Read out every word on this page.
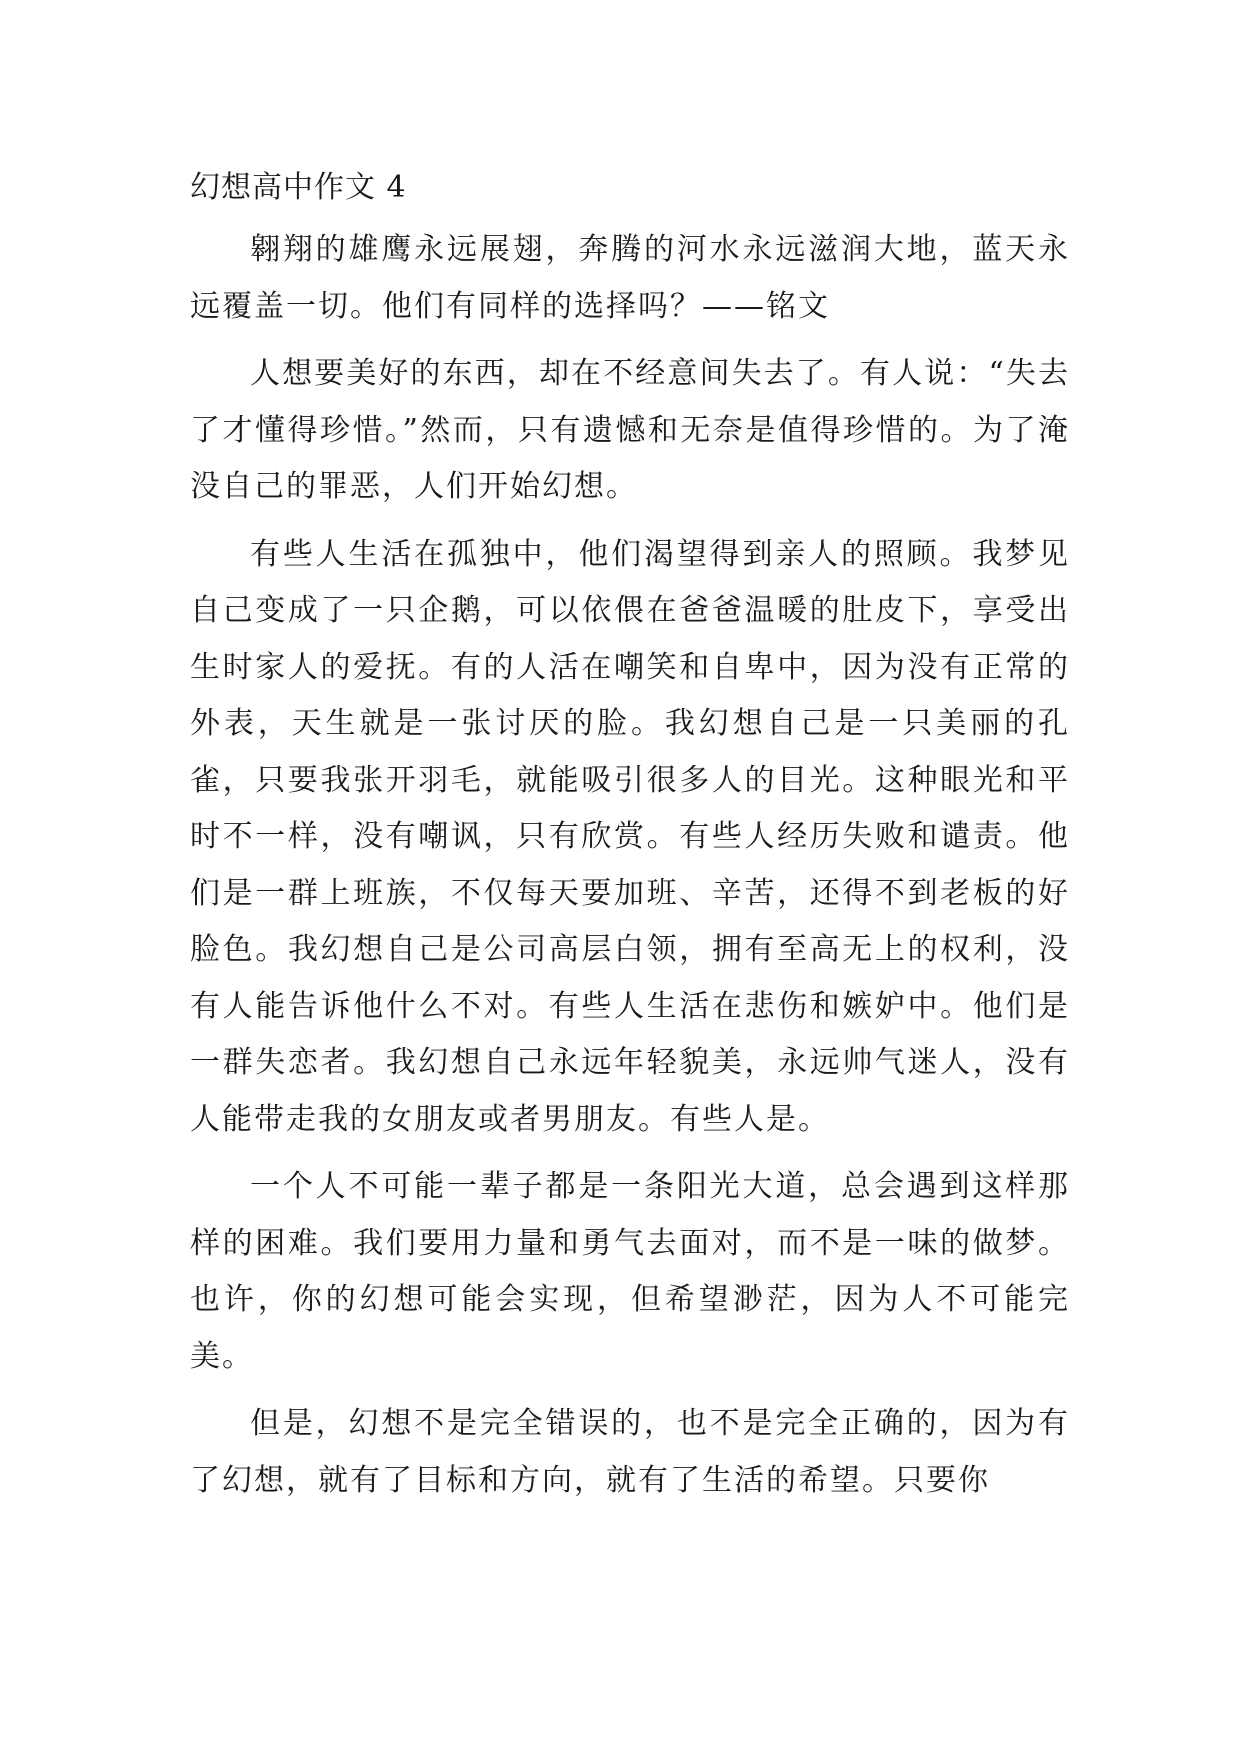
幻想高中作文 4

翱翔的雄鹰永远展翅，奔腾的河水永远滋润大地，蓝天永远覆盖一切。他们有同样的选择吗？——铭文

人想要美好的东西，却在不经意间失去了。有人说：“失去了才懂得珍惜。”然而，只有遗憾和无奈是值得珍惜的。为了淹没自己的罪恶，人们开始幻想。

有些人生活在孤独中，他们渴望得到亲人的照顾。我梦见自己变成了一只企鹅，可以依偎在爸爸温暖的肚皮下，享受出生时家人的爱抚。有的人活在嘲笑和自卑中，因为没有正常的外表，天生就是一张讨厌的脸。我幻想自己是一只美丽的孔雀，只要我张开羽毛，就能吸引很多人的目光。这种眼光和平时不一样，没有嘲讽，只有欣赏。有些人经历失败和谴责。他们是一群上班族，不仅每天要加班、辛苦，还得不到老板的好脸色。我幻想自己是公司高层白领，拥有至高无上的权利，没有人能告诉他什么不对。有些人生活在悲伤和嫉妒中。他们是一群失恋者。我幻想自己永远年轻貌美，永远帅气迷人，没有人能带走我的女朋友或者男朋友。有些人是。

一个人不可能一辈子都是一条阳光大道，总会遇到这样那样的困难。我们要用力量和勇气去面对，而不是一味的做梦。也许，你的幻想可能会实现，但希望渺茫，因为人不可能完美。

但是，幻想不是完全错误的，也不是完全正确的，因为有了幻想，就有了目标和方向，就有了生活的希望。只要你
